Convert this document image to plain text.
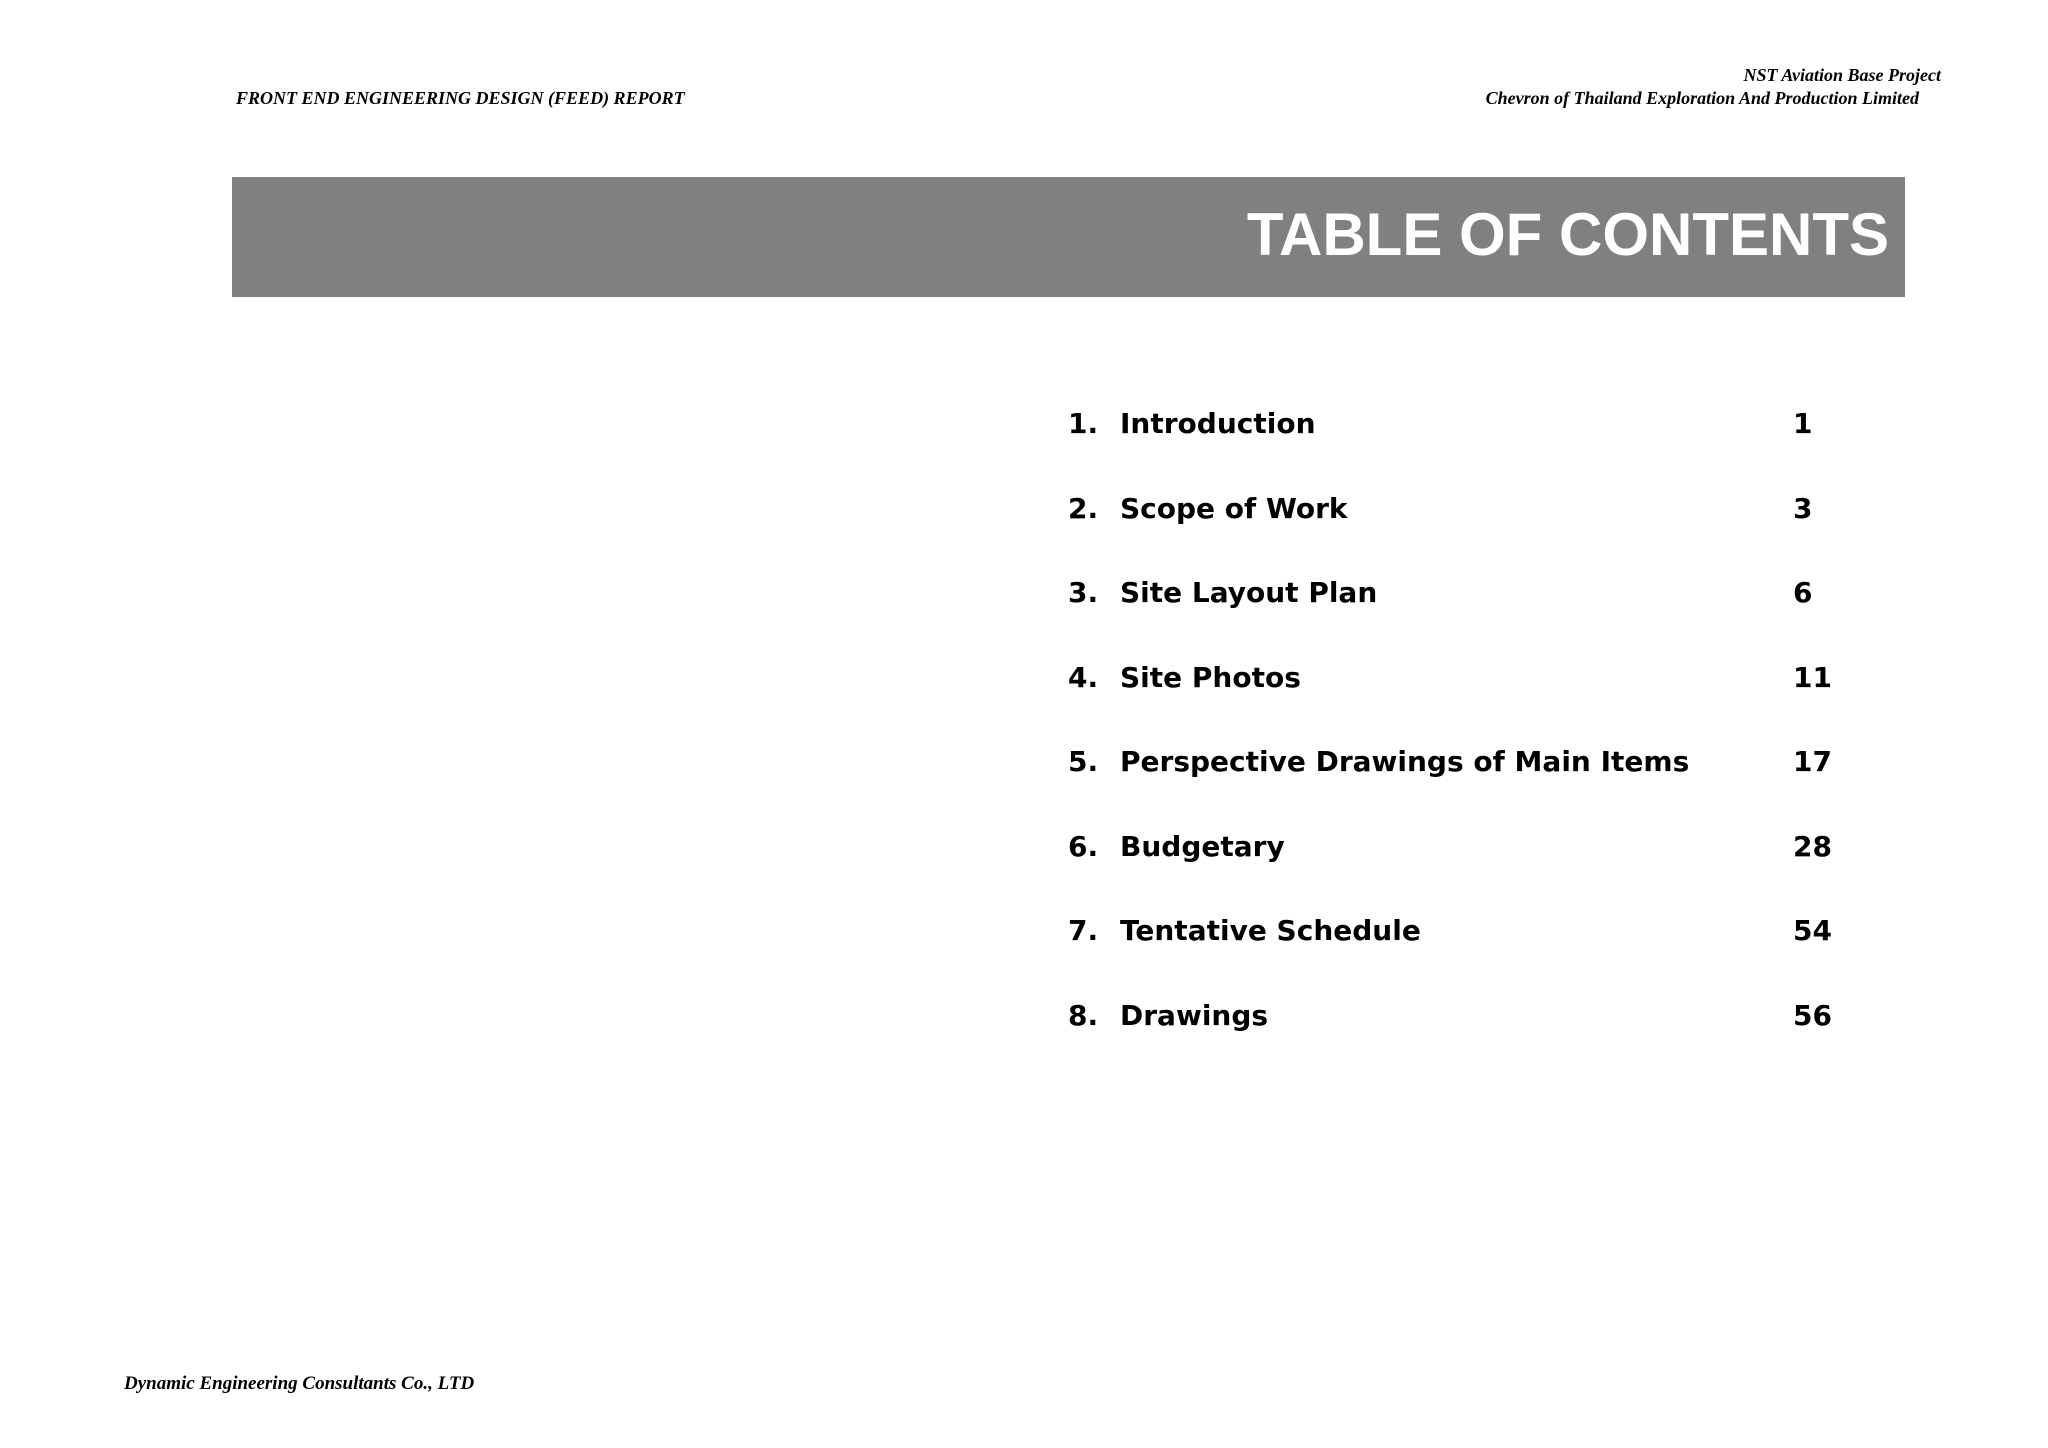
FRONT END ENGINEERING DESIGN (FEED) REPORT
NST Aviation Base Project
Chevron of Thailand Exploration And Production Limited
TABLE OF CONTENTS
1. Introduction	1
2. Scope of Work	3
3. Site Layout Plan	6
4. Site Photos	11
5. Perspective Drawings of Main Items	17
6. Budgetary	28
7. Tentative Schedule	54
8. Drawings	56
Dynamic Engineering Consultants Co., LTD
